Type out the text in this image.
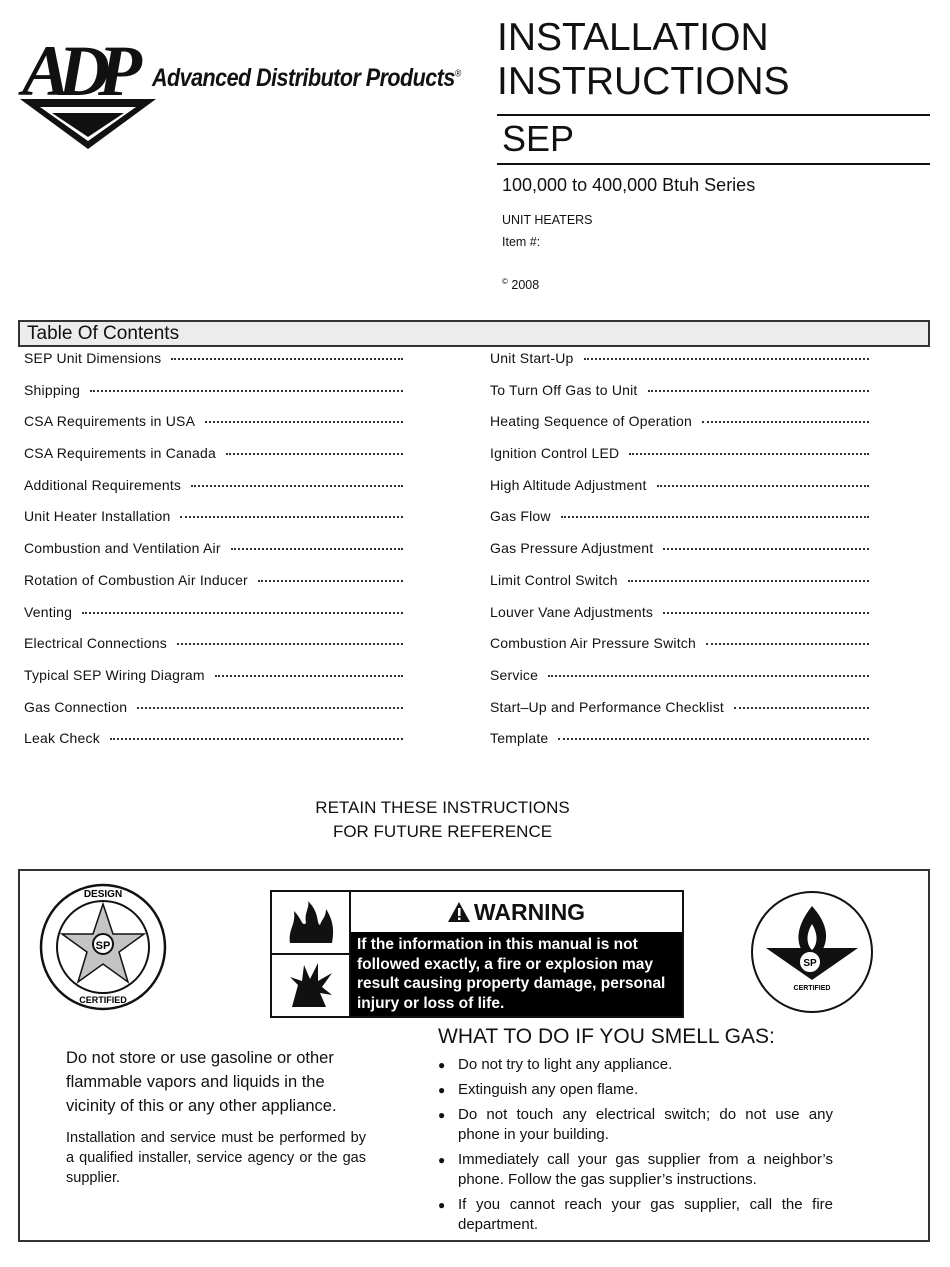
ADP Advanced Distributor Products®
INSTALLATION
INSTRUCTIONS
SEP
100,000 to 400,000 Btuh Series
UNIT HEATERS
Item #:
© 2008
Table Of Contents
SEP Unit Dimensions
Shipping
CSA Requirements in USA
CSA Requirements in Canada
Additional Requirements
Unit Heater Installation
Combustion and Ventilation Air
Rotation of Combustion Air Inducer
Venting
Electrical Connections
Typical SEP Wiring Diagram
Gas Connection
Leak Check
Unit Start-Up
To Turn Off Gas to Unit
Heating Sequence of Operation
Ignition Control LED
High Altitude Adjustment
Gas Flow
Gas Pressure Adjustment
Limit Control Switch
Louver Vane Adjustments
Combustion Air Pressure Switch
Service
Start–Up and Performance Checklist
Template
RETAIN THESE INSTRUCTIONS
FOR FUTURE REFERENCE
SP
DESIGN
CERTIFIED
SP
CERTIFIED
WARNING
If the information in this manual is not followed exactly, a fire or explosion may result causing property damage, personal injury or loss of life.
Do not store or use gasoline or other flammable vapors and liquids in the vicinity of this or any other appliance.
Installation and service must be performed by a qualified installer, service agency or the gas supplier.
WHAT TO DO IF YOU SMELL GAS:
● Do not try to light any appliance.
● Extinguish any open flame.
● Do not touch any electrical switch; do not use any phone in your building.
● Immediately call your gas supplier from a neighbor’s phone. Follow the gas supplier’s instructions.
● If you cannot reach your gas supplier, call the fire department.
